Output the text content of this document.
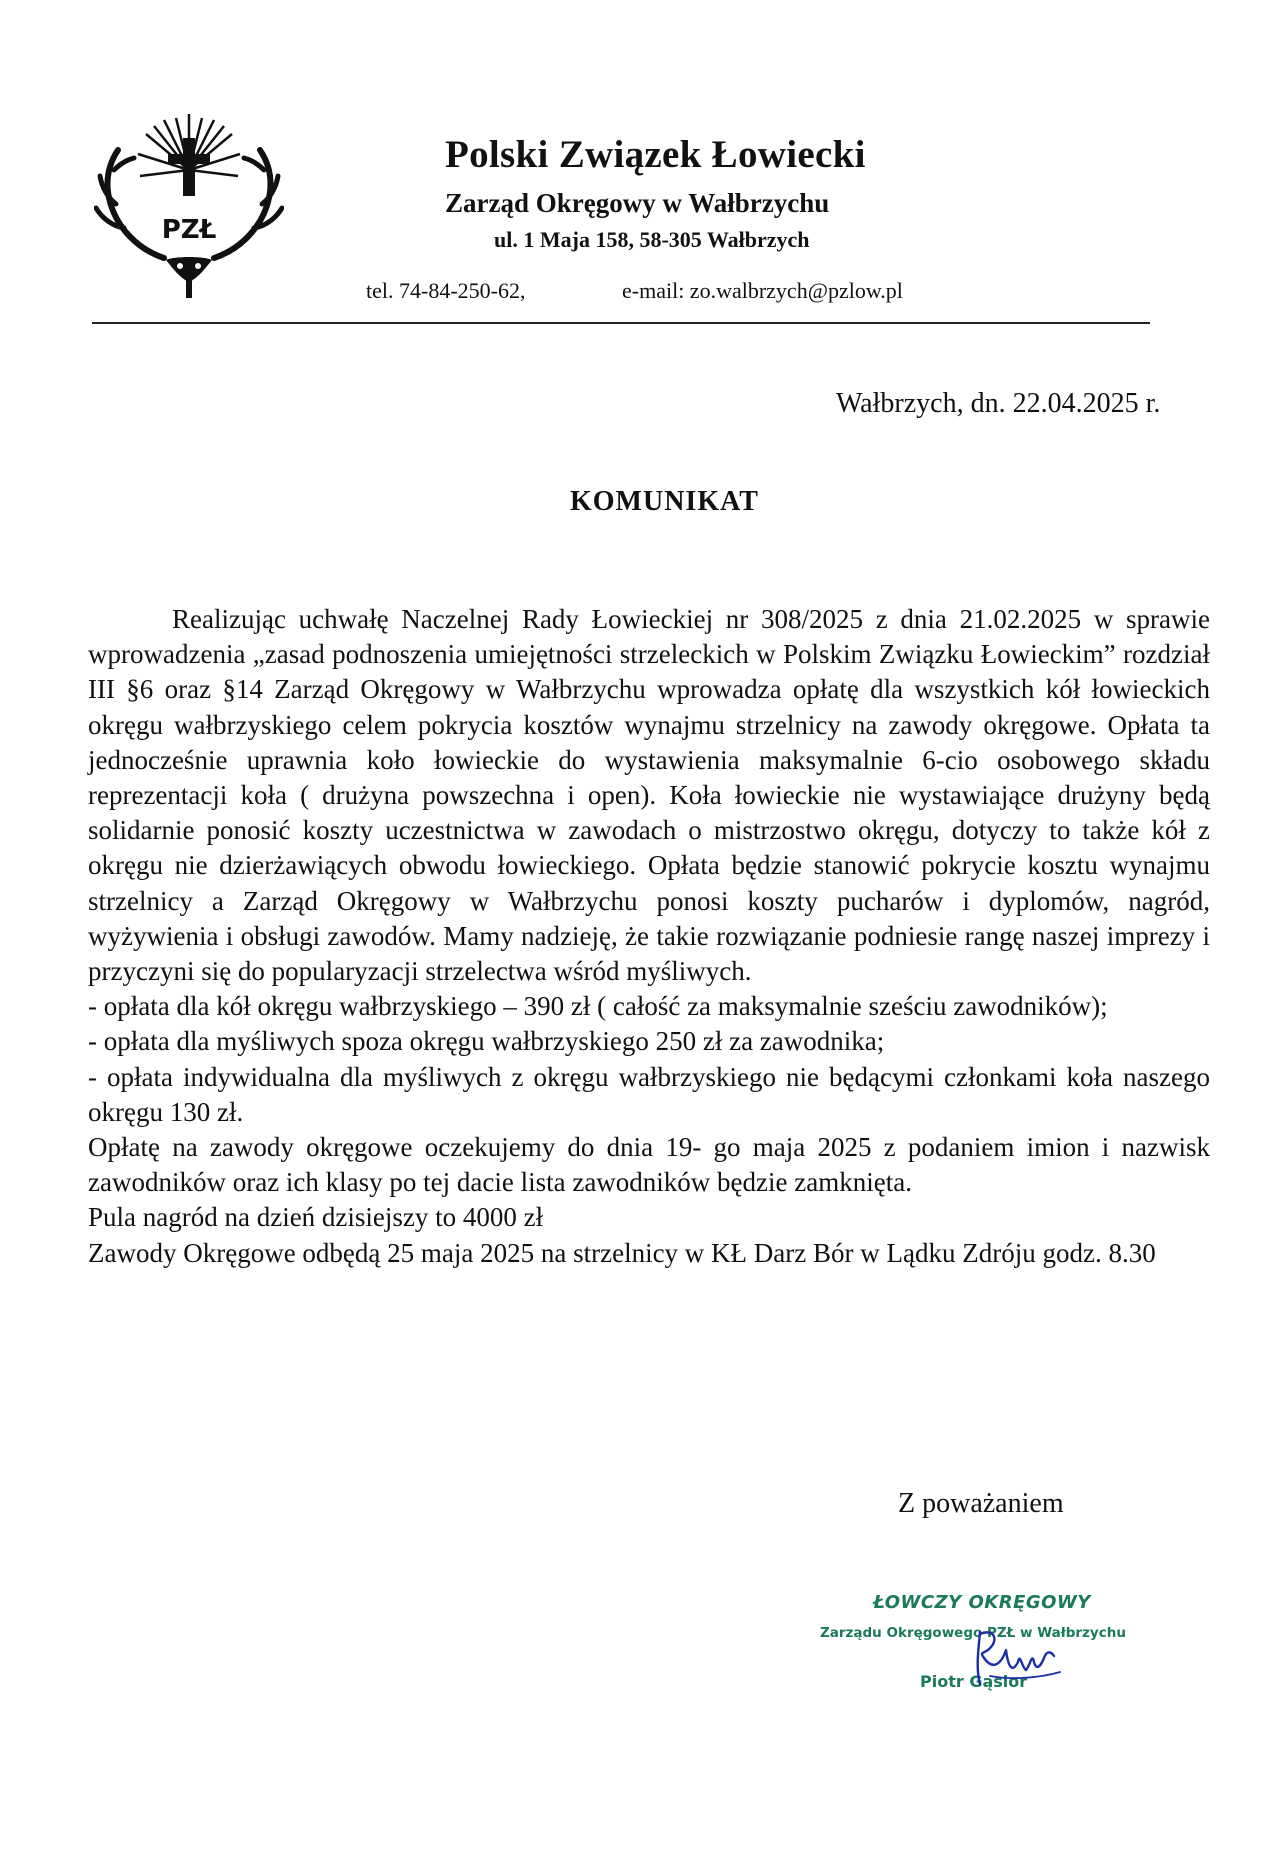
PZŁ
Polski Związek Łowiecki
Zarząd Okręgowy w Wałbrzychu
ul. 1 Maja 158, 58-305 Wałbrzych
tel. 74-84-250-62,	e-mail: zo.walbrzych@pzlow.pl
Wałbrzych, dn. 22.04.2025 r.
KOMUNIKAT

Realizując uchwałę Naczelnej Rady Łowieckiej nr 308/2025 z dnia 21.02.2025 w sprawie wprowadzenia „zasad podnoszenia umiejętności strzeleckich w Polskim Związku Łowieckim” rozdział III §6 oraz §14 Zarząd Okręgowy w Wałbrzychu wprowadza opłatę dla wszystkich kół łowieckich okręgu wałbrzyskiego celem pokrycia kosztów wynajmu strzelnicy na zawody okręgowe. Opłata ta jednocześnie uprawnia koło łowieckie do wystawienia maksymalnie 6-cio osobowego składu reprezentacji koła ( drużyna powszechna i open). Koła łowieckie nie wystawiające drużyny będą solidarnie ponosić koszty uczestnictwa w zawodach o mistrzostwo okręgu, dotyczy to także kół z okręgu nie dzierżawiących obwodu łowieckiego. Opłata będzie stanowić pokrycie kosztu wynajmu strzelnicy a Zarząd Okręgowy w Wałbrzychu ponosi koszty pucharów i dyplomów, nagród, wyżywienia i obsługi zawodów. Mamy nadzieję, że takie rozwiązanie podniesie rangę naszej imprezy i przyczyni się do popularyzacji strzelectwa wśród myśliwych.

- opłata dla kół okręgu wałbrzyskiego – 390 zł ( całość za maksymalnie sześciu zawodników);

- opłata dla myśliwych spoza okręgu wałbrzyskiego 250 zł za zawodnika;

- opłata indywidualna dla myśliwych z okręgu wałbrzyskiego nie będącymi członkami koła naszego okręgu 130 zł.

Opłatę na zawody okręgowe oczekujemy do dnia 19- go maja 2025 z podaniem imion i nazwisk zawodników oraz ich klasy po tej dacie lista zawodników będzie zamknięta.

Pula nagród na dzień dzisiejszy to 4000 zł

Zawody Okręgowe odbędą 25 maja 2025 na strzelnicy w KŁ Darz Bór w Lądku Zdróju godz. 8.30

Z poważaniem
ŁOWCZY OKRĘGOWY
Zarządu Okręgowego PZŁ w Wałbrzychu
Piotr Gąsior
